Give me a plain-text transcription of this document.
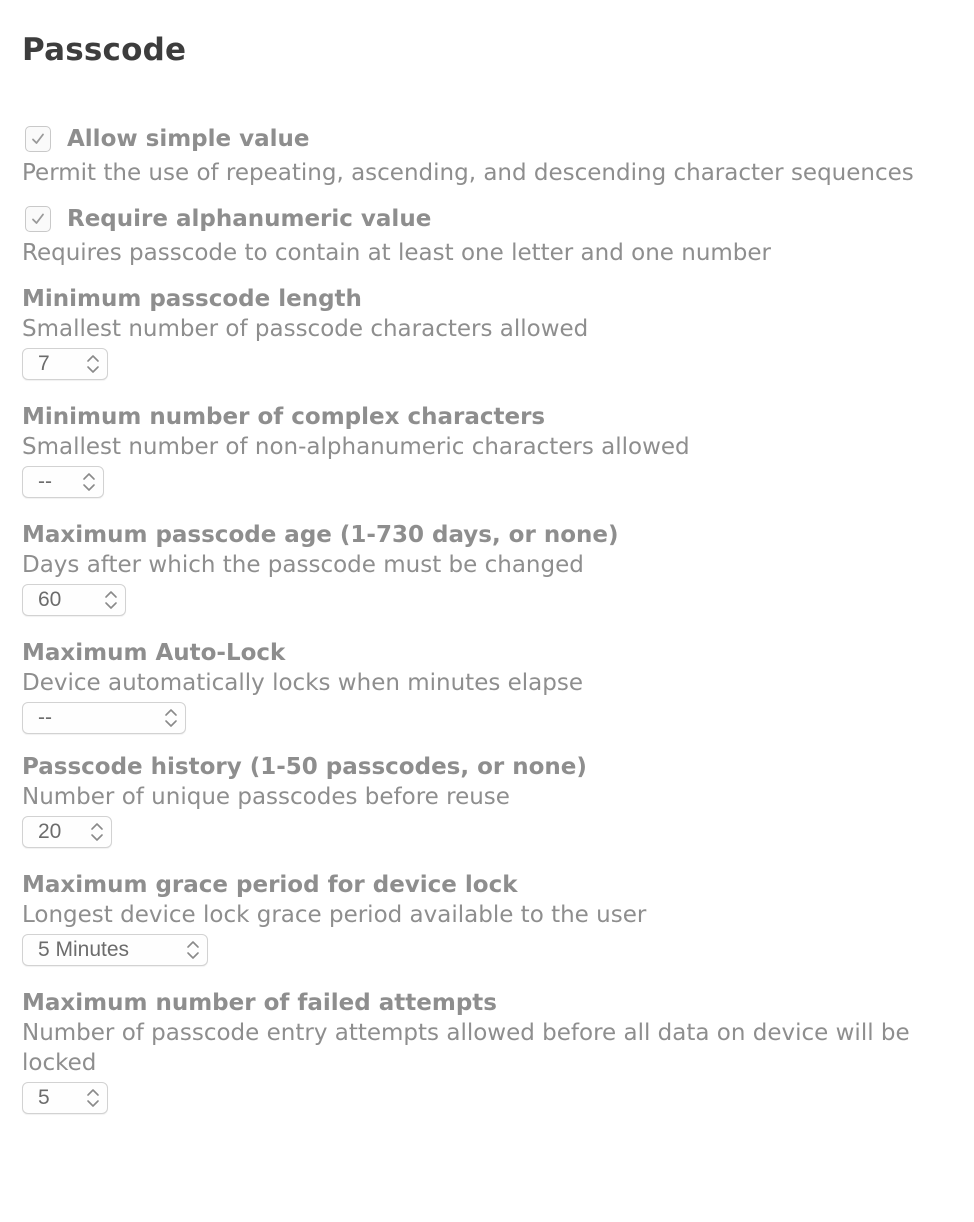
Passcode
Allow simple value
Permit the use of repeating, ascending, and descending character sequences
Require alphanumeric value
Requires passcode to contain at least one letter and one number
Minimum passcode length
Smallest number of passcode characters allowed
7
Minimum number of complex characters
Smallest number of non-alphanumeric characters allowed
--
Maximum passcode age (1-730 days, or none)
Days after which the passcode must be changed
60
Maximum Auto-Lock
Device automatically locks when minutes elapse
--
Passcode history (1-50 passcodes, or none)
Number of unique passcodes before reuse
20
Maximum grace period for device lock
Longest device lock grace period available to the user
5 Minutes
Maximum number of failed attempts
Number of passcode entry attempts allowed before all data on device will be
locked
5
